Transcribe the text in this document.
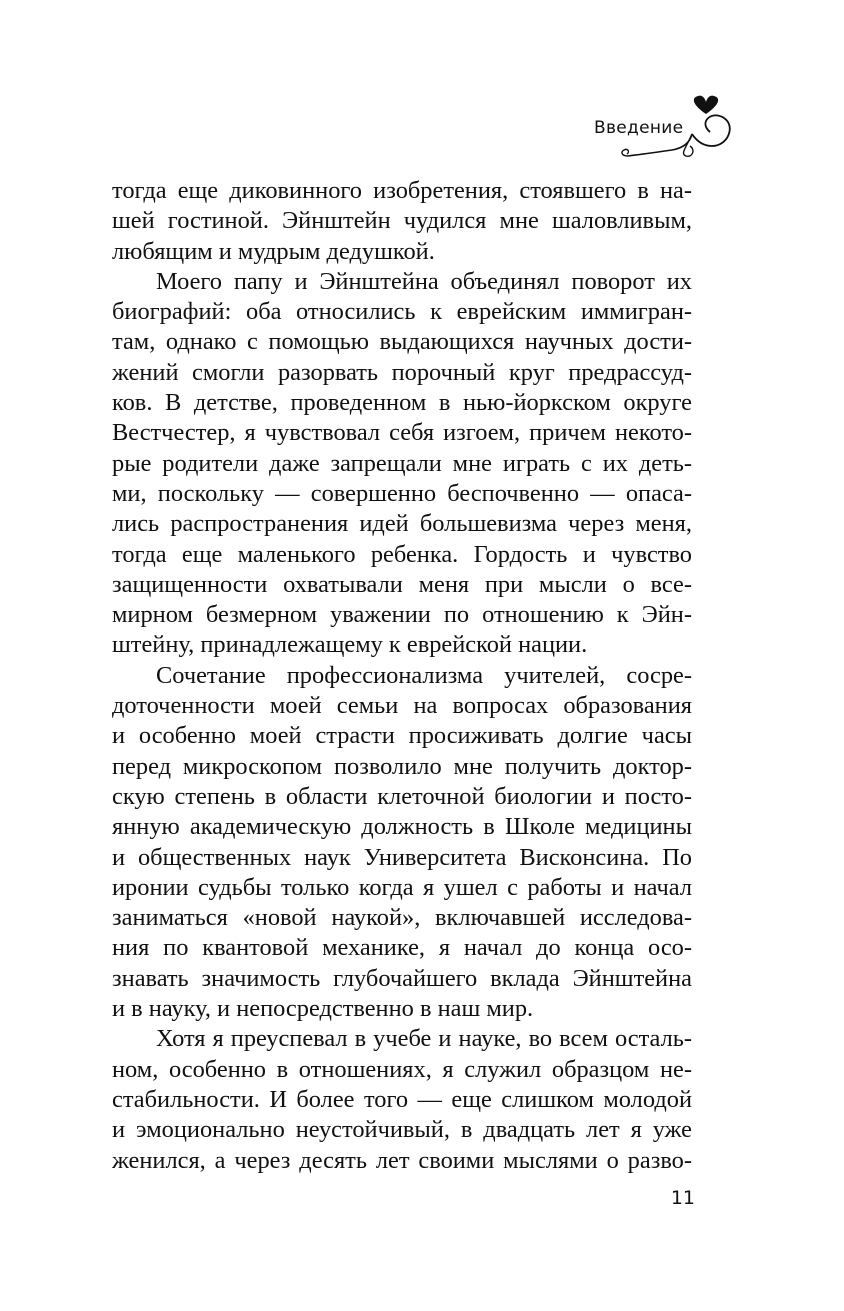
Введение

тогда еще диковинного изобретения, стоявшего в на-
шей гостиной. Эйнштейн чудился мне шаловливым,
любящим и мудрым дедушкой.

Моего папу и Эйнштейна объединял поворот их
биографий: оба относились к еврейским иммигран-
там, однако с помощью выдающихся научных дости-
жений смогли разорвать порочный круг предрассуд-
ков. В детстве, проведенном в нью-йоркском округе
Вестчестер, я чувствовал себя изгоем, причем некото-
рые родители даже запрещали мне играть с их деть-
ми, поскольку — совершенно беспочвенно — опаса-
лись распространения идей большевизма через меня,
тогда еще маленького ребенка. Гордость и чувство
защищенности охватывали меня при мысли о все-
мирном безмерном уважении по отношению к Эйн-
штейну, принадлежащему к еврейской нации.

Сочетание профессионализма учителей, сосре-
доточенности моей семьи на вопросах образования
и особенно моей страсти просиживать долгие часы
перед микроскопом позволило мне получить доктор-
скую степень в области клеточной биологии и посто-
янную академическую должность в Школе медицины
и общественных наук Университета Висконсина. По
иронии судьбы только когда я ушел с работы и начал
заниматься «новой наукой», включавшей исследова-
ния по квантовой механике, я начал до конца осо-
знавать значимость глубочайшего вклада Эйнштейна
и в науку, и непосредственно в наш мир.

Хотя я преуспевал в учебе и науке, во всем осталь-
ном, особенно в отношениях, я служил образцом не-
стабильности. И более того — еще слишком молодой
и эмоционально неустойчивый, в двадцать лет я уже
женился, а через десять лет своими мыслями о разво-

11
